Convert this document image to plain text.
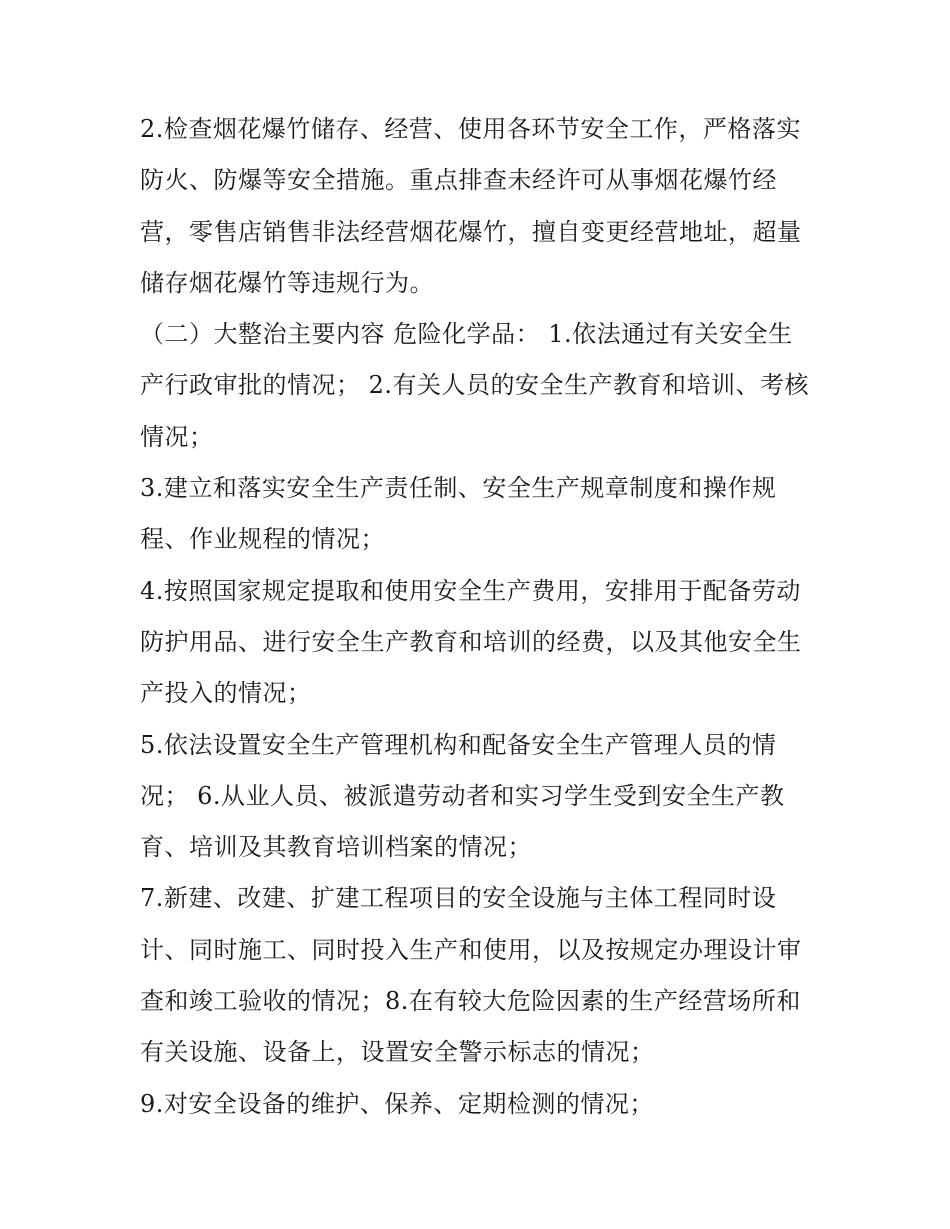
2.检查烟花爆竹储存、经营、使用各环节安全工作，严格落实
防火、防爆等安全措施。重点排查未经许可从事烟花爆竹经
营，零售店销售非法经营烟花爆竹，擅自变更经营地址，超量
储存烟花爆竹等违规行为。
（二）大整治主要内容 危险化学品： 1.依法通过有关安全生
产行政审批的情况； 2.有关人员的安全生产教育和培训、考核
情况；
3.建立和落实安全生产责任制、安全生产规章制度和操作规
程、作业规程的情况；
4.按照国家规定提取和使用安全生产费用，安排用于配备劳动
防护用品、进行安全生产教育和培训的经费，以及其他安全生
产投入的情况；
5.依法设置安全生产管理机构和配备安全生产管理人员的情
况； 6.从业人员、被派遣劳动者和实习学生受到安全生产教
育、培训及其教育培训档案的情况；
7.新建、改建、扩建工程项目的安全设施与主体工程同时设
计、同时施工、同时投入生产和使用，以及按规定办理设计审
查和竣工验收的情况；8.在有较大危险因素的生产经营场所和
有关设施、设备上，设置安全警示标志的情况；
9.对安全设备的维护、保养、定期检测的情况；
